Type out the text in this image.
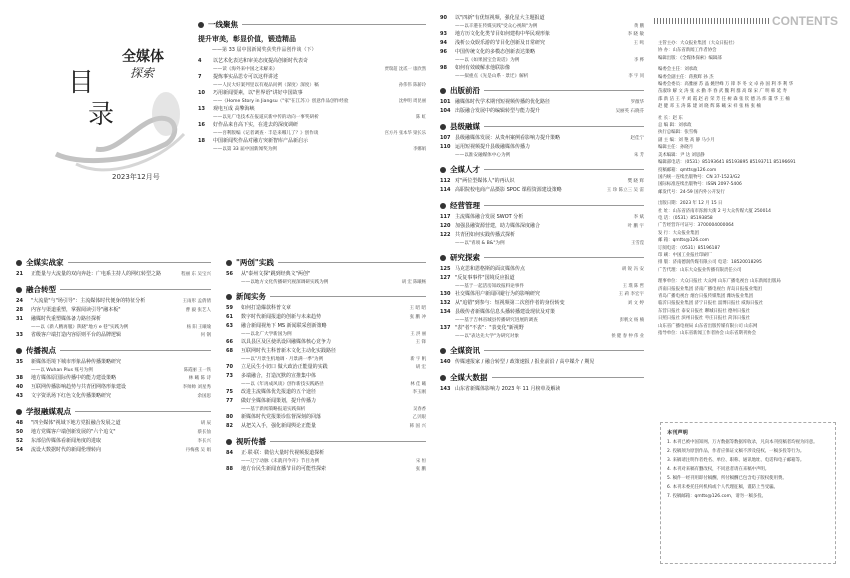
全媒体
探索
目
录
2023年12月号
一线聚焦
提升审美，彰显价值，锻造精品
——第 33 届中国新闻奖获奖作品创作谈（下）
4	以艺术化表达和审美态度提高创新时代表奇
——读《海外来中国之未解来》	贾瑞超 沈贰一 康欣然
7	提炼事实品思专可以这样讲述
——人民大好案列里以有观品问例（深度）深度）稿	孙伟伟 陈薪玲
10	巧用新闻要素，以"世界语"讲好中国故事
——《Home Story in Jiangsu（"家"在江苏）》创意作品创作经验	沈仲明 周昆丽
13	观电互成 高擎海峡
——以先广电技术在报道庆新中传的动向一事奖研析	陈 虹
16	好作品来自高下实，在进去的深度调研
——吾利版编《记者调查 · 丰是来哪儿了？》创作谈	宫方丹 张本华 梁长乐
18	中国新闻奖作品对融方突新智库产品新启示
——以第 33 届中国新闻奖为例	李娜娟
全媒实战家
21	正能量与大流量的双向奔赴：广电系主持人的网红转型之路	程丽 东 吴宝兴
融合转型
24	"大流量"与"场引导"：主流媒体时代便身的特征分析	王雨彤 孟倩倩
28	内容与渠道重塑，掌握阅读引导"融本板"	曹 毅 张艺人
31	融媒时代重塑媒体备力路径探析
——以《新人精再服》陕晓"地方 e 巷"实践为例	杨 阳 王曦瑜
33	省级客户端打造内容原则平台的品牌逻辑	何 钢
传播视点
35	新媒体语境下城市形象品种传播策略研究
——以 Wuhan Plus 账号为例	陈霞丽 王一铁
38	地方媒体原国际传播中的能力建设策略	林 曦 陈 诗
40	互联网传播影响趋势与共青团网络形象建设	李帅帅 刘星秀
43	文字资讯场下红色文化传播策略研究	余国思
学报融媒观点
48	"四全媒体"视域下地方党报融合发展之道	胡 辰
50	地方党媒客户端创新发展的"六个追文"	蔡长仙
52	东部信传媒体看新闻角度的进取	李长兴
54	流设大数据时代的新闻伦理转向	丹梅燕 吴 娟
"两创"实践
56	从"泰州文探"跳到经典文"两创"
——以地方文化传播研究视深调研实践为例	胡 宏 陈曦畅
新闻实务
59	如何打造爆款科普文章	王 昭 昭
61	数字时代新闻报道的创新与未来趋势	张 鹏 冲
63	融合新闻视角下 MS 新闻联采创新策略
——以北广大学新国为例	王 洪 丽
66	以具县区及区使讯设回融媒体核心竞争力	王 锋
68	互联网时代主科普新木文化主动化实践路径
——以"月景生机地调 · 月景满一季"为例	新 宇 帆
70	立足民生小切口 做大政治正能量的实践	胡 宏
73	多端融合，打造沉默的宣推集中体
——以《年再成风谈》创作新技实践路径	林 佳 曦
75	改进主流媒体优先报道的五个途径	李玉刚
77	做好全媒体新闻策划，提升传播力
——基于新闻策略报道实践探析	吴春香
80	新媒体时代党报策诊监督深刻的回落	乙贝眼
82	从把关入手，强化新闻舆论正能量	韩 国 兴
视听传播
84	正·联·联：微信大量时代视频报道探析
——辽宁动脉《未就刊今开》节目为例	宋 恒
88	地方台民生新闻直播节目的可能性探索	张 鹏
90	以"四新"有优短视频，强化星大主题报道
——以辛港在传媒实践"受众心视频"为例	黄 鹏
93	地方历文化化类节目如何建构中华民观形象	李 晓 敏
94	浅析公众娱乐游的节目化创新及日常研究	王 鸣
96	中国传统文化的多模态创新表达策略
——以《如果国宝会说话》为例	李 桦
98	如何有效破解求他联影像
——拟重点《先是山系 · 景迁》解析	李 宇 同
出版前沿
101 融媒体时代学术期刊短视频传播的优化路径	罗薇华
104 出版融合发展中的编辑转型与能力提升	吴丽英 石晓芬
县级融媒
107 县级融媒体发展：从贵州案例看影响力提升策略	赵佳宁
110 运用短视频提升县级融媒体传播力
——以淮安融媒体中心为例	朱 芳
全媒人才
112 对"两位型媒体人"的再认识	樊 晓 辉
114 高职院校电商产品摄影 SPOC 课程资源建设策略	王 珍 陈立三 吴 雷
经营管理
117 主流媒体融合发展 SWOT 分析	李 斌
120 加强县融资源营建，助力媒体深度融合	叶 鹏 宇
122 共青团如何实践传播式探析
——以"青项 & B&"为例	王雪滢
研究探索
125 马克思和恩格斯的面议媒体传点	胡 锐 冯 安
127 "反复事事件"国境反应报道
——基于一起活房知政报料论事件	王 璞 陈 哲
130 社交媒体用户新闻回避行为的影响研究	王 莉 李宏宇
132 从"追错"到参与：短视频第二次创作者的身份转变	刘 文 婷
134 县级传者新媒体信息头播转播建设现状及对策
——基于吉林省城县传播研究进展的调查	彭帆文 杨 楠
137 "表"者"不表"："表变化"新视野
——以"表达先大学"为研究对象	侯 健 春 仲 伟 业
全媒资讯
140 传媒速报家 / 融合转型 / 政策速报 / 报业前沿 / 高中媒介 / 期见
全媒大数据
143 山东省新媒体影响力 2023 年 11 月榜单及解读
CONTENTS
主管主办：大众报业集团（大众日报社）
协 办：山东省新闻工作者协会
编辑出版：《全媒体探索》编辑部
编委会主任：刘承政
编委会副主任：蒋燕辉 孙 杰
编委会委员：高雅丽 苏 晶 姚世峰 万 锋 李 冬 文 卓 孙 国 利 李 利 华
苗淑珍 解 文 涛 张 永 勤 李 春 武 魏 利 群 高 琛 宋 广 明 韩 延 寿
邵 新 洁 王 平 刘 霞 赵 岩 荣 芳 任 树 森 张 钦 德 冯 炜 董 华 王 楠
赵 健 邓 玉 涛 陈 建 刘 晓 辉 陈 曦 宋 祥 张 杨 张 楠
社 长：赵 东
总 编 辑：刘承政
执行总编辑：张雪梅
副 主 编：刘 艳 高 静 马小月
编辑主任：孙晓月
美术编辑：尹 达 刘思静
编辑部电话：（0531）85193641 85193895 85193711 85196691
投稿邮箱：qmtts@126.com
国内统一连续出版物号：CN 37-1523/G2
国际标准连续出版物号：ISSN 2097-5406
邮发代号：24-59 国内外公开发行
出版日期：2023 年 12 月 15 日
社 址：山东省济南市泺源大街 2 号大众传媒大厦 250014
电 话：（0531）85193858
广告经营许可证号：3700004000064
发 行：大众报业集团
邮 箱：qmtts@126.com
订阅电话：（0531）85196187
印 刷：中国工业报社印刷厂
排 版：济南德润传媒有限公司 电话：18520018295
广告代理：山东大众报业传播有限责任公司
理事单位：大众日报社 大众网 山东广播电视台 山东新闻出版局
济南日报报业集团 济南广播电视台 青岛日报报业集团
青岛广播电视台 烟台日报传媒集团 潍坊报业集团
临沂日报报业集团 济宁日报社 淄博日报社 威海日报社
东营日报社 泰安日报社 聊城日报社 德州日报社
日照日报社 滨州日报社 枣庄日报社 菏泽日报社
山东省广播电视局 山东省出版传媒有限公司 山东网
指导单位：山东省新闻工作者协会 山东省期刊协会
本刊声明
1. 本刊已被中国知网、万方数据等数据库收录，凡向本刊投稿者均视为同意。
2. 投稿须为原创作品，作者应保证文稿不涉及侵权、一稿多投等行为。
3. 来稿请注明作者姓名、单位、职称、通讯地址、电话和电子邮箱等。
4. 本刊对来稿有删改权，不同意者请在来稿中声明。
5. 稿件一经刊用即付稿酬，所付稿酬已包含电子版权使用费。
6. 本刊未委托任何机构或个人代理征稿，谨防上当受骗。
7. 投稿邮箱：qmtts@126.com，请勿一稿多投。
